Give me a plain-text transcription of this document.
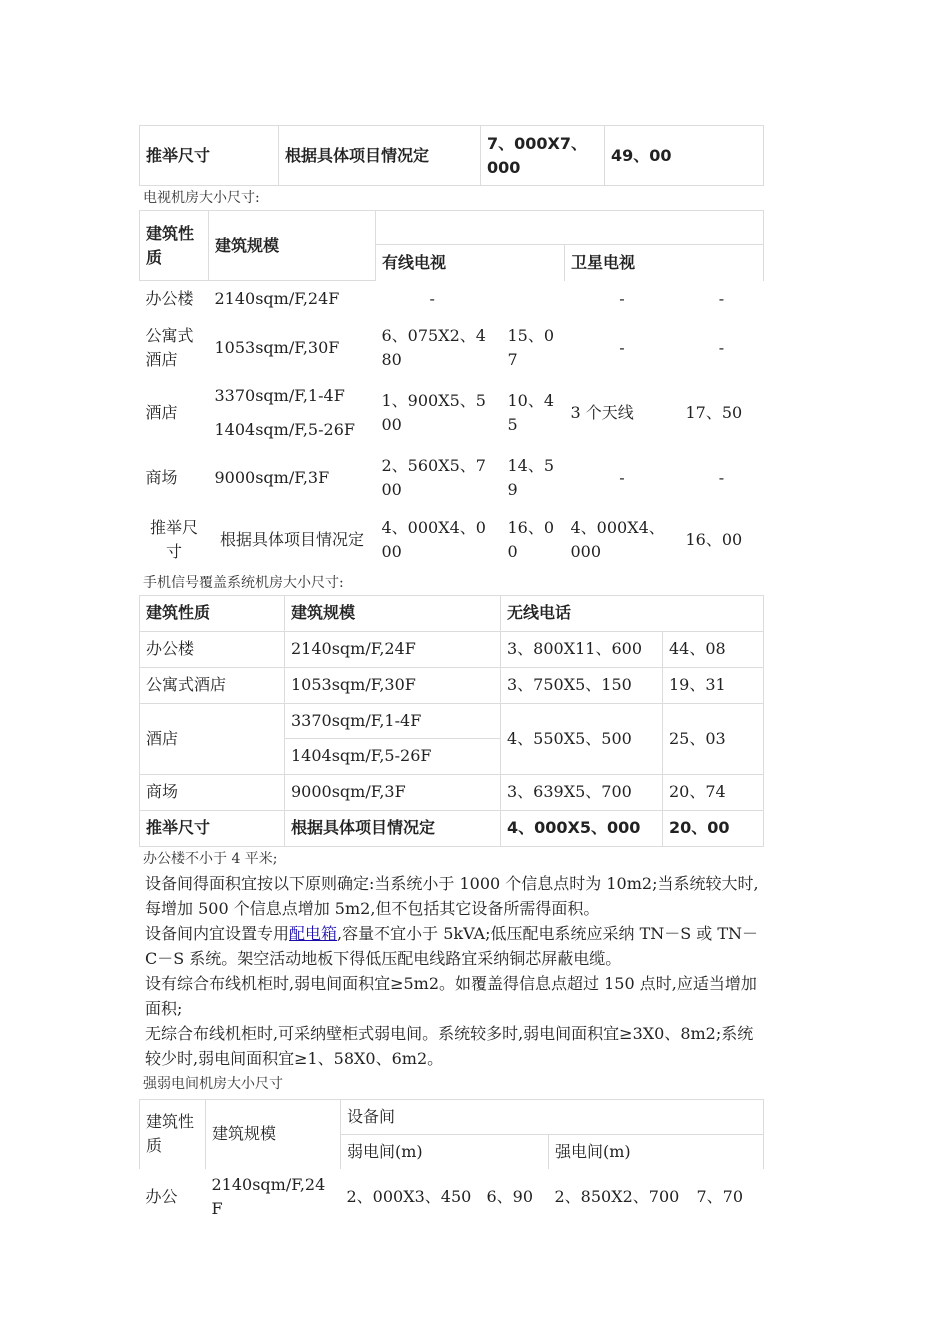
推举尺寸	根据具体项目情况定	7、000X7、000	49、00
电视机房大小尺寸:
建筑性质	建筑规模				
		有线电视		卫星电视	
办公楼	2140sqm/F,24F	-		-	-
公寓式酒店	1053sqm/F,30F	6、075X2、480	15、07	-	-
酒店	3370sqm/F,1-4F	1、900X5、500	10、45	3 个天线	17、50
	1404sqm/F,5-26F				
商场	9000sqm/F,3F	2、560X5、700	14、59	-	-
推举尺寸	根据具体项目情况定	4、000X4、000	16、00	4、000X4、000	16、00
手机信号覆盖系统机房大小尺寸:
建筑性质	建筑规模	无线电话	
办公楼	2140sqm/F,24F	3、800X11、600	44、08
公寓式酒店	1053sqm/F,30F	3、750X5、150	19、31
酒店	3370sqm/F,1-4F	4、550X5、500	25、03
	1404sqm/F,5-26F		
商场	9000sqm/F,3F	3、639X5、700	20、74
推举尺寸	根据具体项目情况定	4、000X5、000	20、00
办公楼不小于 4 平米;

设备间得面积宜按以下原则确定:当系统小于 1000 个信息点时为 10m2;当系统较大时,每增加 500 个信息点增加 5m2,但不包括其它设备所需得面积。

设备间内宜设置专用配电箱,容量不宜小于 5kVA;低压配电系统应采纳 TN－S 或 TN－C－S 系统。架空活动地板下得低压配电线路宜采纳铜芯屏蔽电缆。

设有综合布线机柜时,弱电间面积宜≥5m2。如覆盖得信息点超过 150 点时,应适当增加面积;

无综合布线机柜时,可采纳壁柜式弱电间。系统较多时,弱电间面积宜≥3X0、8m2;系统较少时,弱电间面积宜≥1、58X0、6m2。

强弱电间机房大小尺寸
建筑性质	建筑规模	设备间			
		弱电间(m)		强电间(m)	
办公	2140sqm/F,24F	2、000X3、450	6、90	2、850X2、700	7、70
